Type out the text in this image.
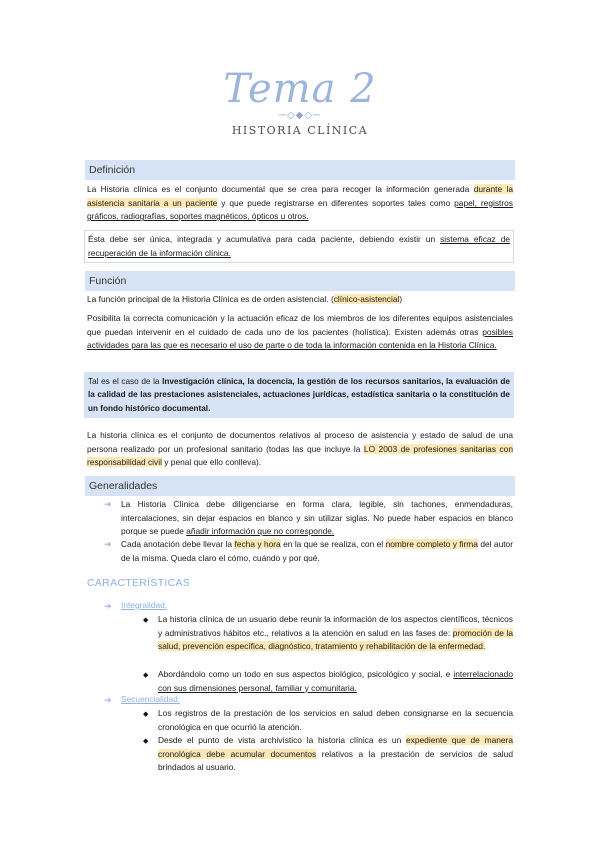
Tema 2
─◇◆◇─
HISTORIA CLÍNICA
Definición
La Historia clínica es el conjunto documental que se crea para recoger la información generada durante la asistencia sanitaria a un paciente y que puede registrarse en diferentes soportes tales como papel, registros gráficos, radiografías, soportes magnéticos, ópticos u otros.
Ésta debe ser única, integrada y acumulativa para cada paciente, debiendo existir un sistema eficaz de recuperación de la información clínica.
Función
La función principal de la Historia Clínica es de orden asistencial. (clínico-asistencial)
Posibilita la correcta comunicación y la actuación eficaz de los miembros de los diferentes equipos asistenciales que puedan intervenir en el cuidado de cada uno de los pacientes (holística). Existen además otras posibles actividades para las que es necesario el uso de parte o de toda la información contenida en la Historia Clínica.
Tal es el caso de la Investigación clínica, la docencia, la gestión de los recursos sanitarios, la evaluación de la calidad de las prestaciones asistenciales, actuaciones jurídicas, estadística sanitaria o la constitución de un fondo histórico documental.
La historia clínica es el conjunto de documentos relativos al proceso de asistencia y estado de salud de una persona realizado por un profesional sanitario (todas las que incluye la LO 2003 de profesiones sanitarias con responsabilidad civil y penal que ello conlleva).
Generalidades
➔ La Historia Clínica debe diligenciarse en forma clara, legible, sin tachones, enmendaduras, intercalaciones, sin dejar espacios en blanco y sin utilizar siglas. No puede haber espacios en blanco porque se puede añadir información que no corresponde.
➔ Cada anotación debe llevar la fecha y hora en la que se realiza, con el nombre completo y firma del autor de la misma. Queda claro el cómo, cuándo y por qué.
CARACTERÍSTICAS
➔ Integralidad:
◆ La historia clínica de un usuario debe reunir la información de los aspectos científicos, técnicos y administrativos hábitos etc., relativos a la atención en salud en las fases de: promoción de la salud, prevención específica, diagnóstico, tratamiento y rehabilitación de la enfermedad.
◆ Abordándolo como un todo en sus aspectos biológico, psicológico y social, e interrelacionado con sus dimensiones personal, familiar y comunitaria.
➔ Secuencialidad:
◆ Los registros de la prestación de los servicios en salud deben consignarse en la secuencia cronológica en que ocurrió la atención.
◆ Desde el punto de vista archivístico la historia clínica es un expediente que de manera cronológica debe acumular documentos relativos a la prestación de servicios de salud brindados al usuario.
